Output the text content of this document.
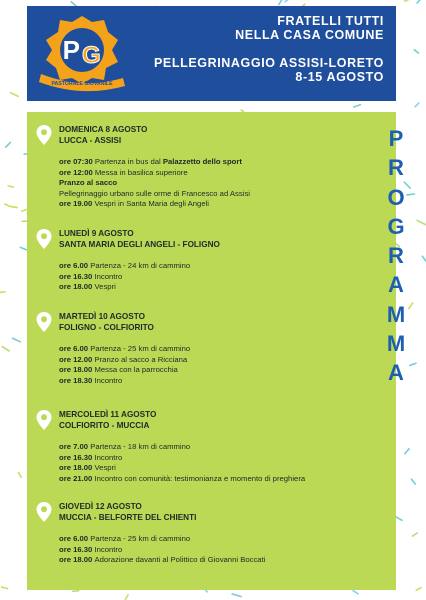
P G
PASTORALE GIOVANILE
FRATELLI TUTTI
NELLA CASA COMUNE
PELLEGRINAGGIO ASSISI-LORETO
8-15 AGOSTO
P
R
O
G
R
A
M
M
A
DOMENICA 8 AGOSTO
LUCCA - ASSISI
ore 07:30 Partenza in bus dal Palazzetto dello sport
ore 12:00 Messa in basilica superiore
Pranzo al sacco
Pellegrinaggio urbano sulle orme di Francesco ad Assisi
ore 19.00 Vespri in Santa Maria degli Angeli
LUNEDÌ 9 AGOSTO
SANTA MARIA DEGLI ANGELI - FOLIGNO
ore 6.00 Partenza - 24 km di cammino
ore 16.30 Incontro
ore 18.00 Vespri
MARTEDÌ 10 AGOSTO
FOLIGNO - COLFIORITO
ore 6.00 Partenza - 25 km di cammino
ore 12.00 Pranzo al sacco a Ricciana
ore 18.00 Messa con la parrocchia
ore 18.30 Incontro
MERCOLEDÌ 11 AGOSTO
COLFIORITO - MUCCIA
ore 7.00 Partenza - 18 km di cammino
ore 16.30 Incontro
ore 18.00 Vespri
ore 21.00 Incontro con comunità: testimonianza e momento di preghiera
GIOVEDÌ 12 AGOSTO
MUCCIA - BELFORTE DEL CHIENTI
ore 6.00 Partenza - 25 km di cammino
ore 16.30 Incontro
ore 18.00 Adorazione davanti al Polittico di Giovanni Boccati
